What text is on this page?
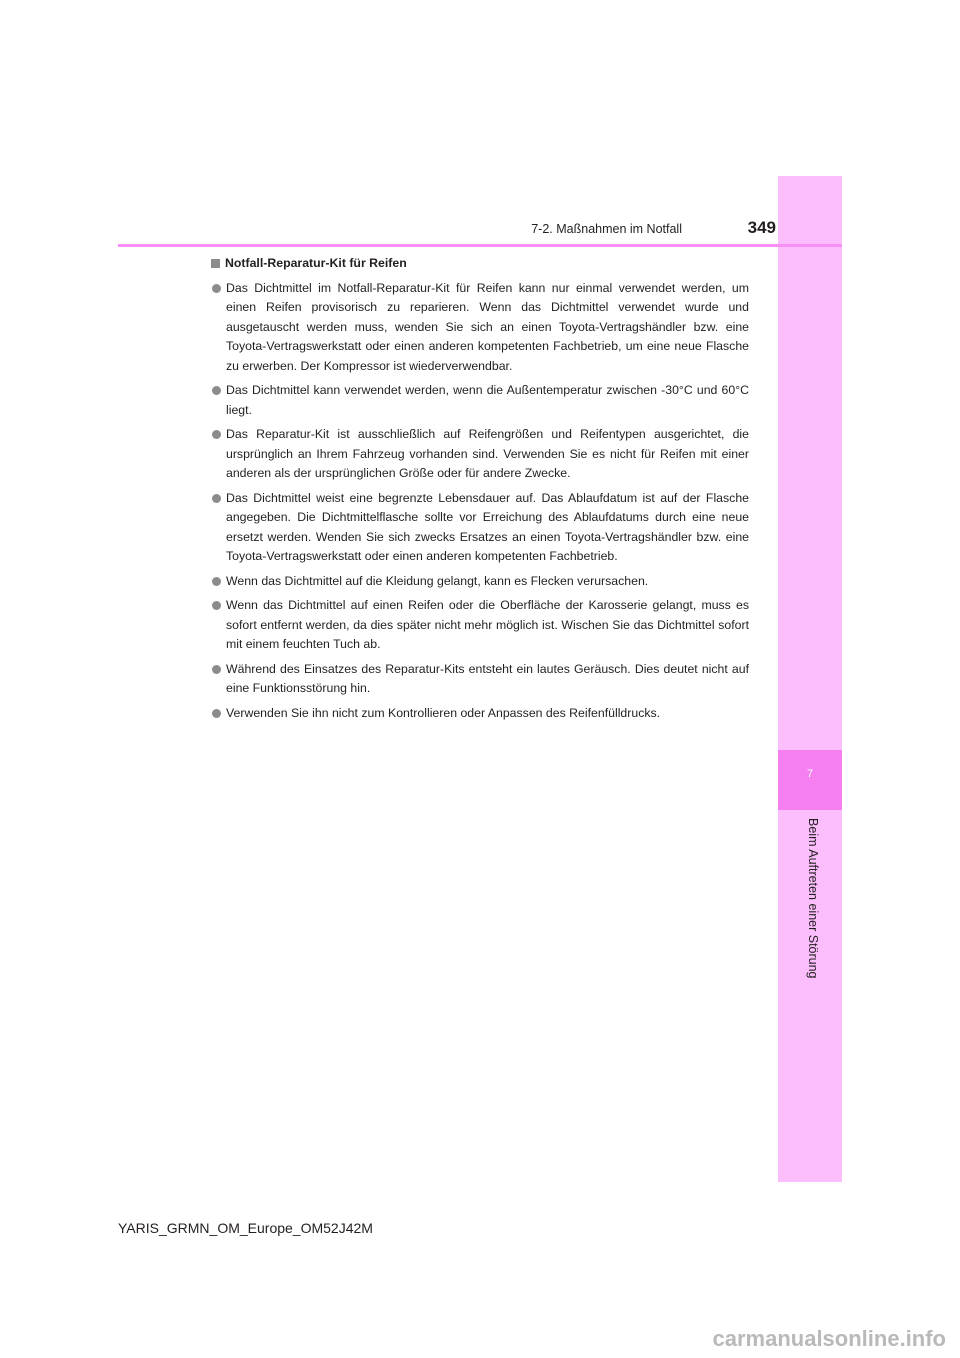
7
Beim Auftreten einer Störung
7-2. Maßnahmen im Notfall	349
Notfall-Reparatur-Kit für Reifen
Das Dichtmittel im Notfall-Reparatur-Kit für Reifen kann nur einmal verwendet werden, um einen Reifen provisorisch zu reparieren. Wenn das Dichtmittel verwendet wurde und ausgetauscht werden muss, wenden Sie sich an einen Toyota-Vertragshändler bzw. eine Toyota-Vertragswerkstatt oder einen anderen kompetenten Fachbetrieb, um eine neue Flasche zu erwerben. Der Kompressor ist wiederverwendbar.
Das Dichtmittel kann verwendet werden, wenn die Außentemperatur zwischen -30°C und 60°C liegt.
Das Reparatur-Kit ist ausschließlich auf Reifengrößen und Reifentypen ausgerichtet, die ursprünglich an Ihrem Fahrzeug vorhanden sind. Verwenden Sie es nicht für Reifen mit einer anderen als der ursprünglichen Größe oder für andere Zwecke.
Das Dichtmittel weist eine begrenzte Lebensdauer auf. Das Ablaufdatum ist auf der Flasche angegeben. Die Dichtmittelflasche sollte vor Erreichung des Ablaufdatums durch eine neue ersetzt werden. Wenden Sie sich zwecks Ersatzes an einen Toyota-Vertragshändler bzw. eine Toyota-Vertragswerkstatt oder einen anderen kompetenten Fachbetrieb.
Wenn das Dichtmittel auf die Kleidung gelangt, kann es Flecken verursachen.
Wenn das Dichtmittel auf einen Reifen oder die Oberfläche der Karosserie gelangt, muss es sofort entfernt werden, da dies später nicht mehr möglich ist. Wischen Sie das Dichtmittel sofort mit einem feuchten Tuch ab.
Während des Einsatzes des Reparatur-Kits entsteht ein lautes Geräusch. Dies deutet nicht auf eine Funktionsstörung hin.
Verwenden Sie ihn nicht zum Kontrollieren oder Anpassen des Reifenfülldrucks.
YARIS_GRMN_OM_Europe_OM52J42M
carmanualsonline.info
